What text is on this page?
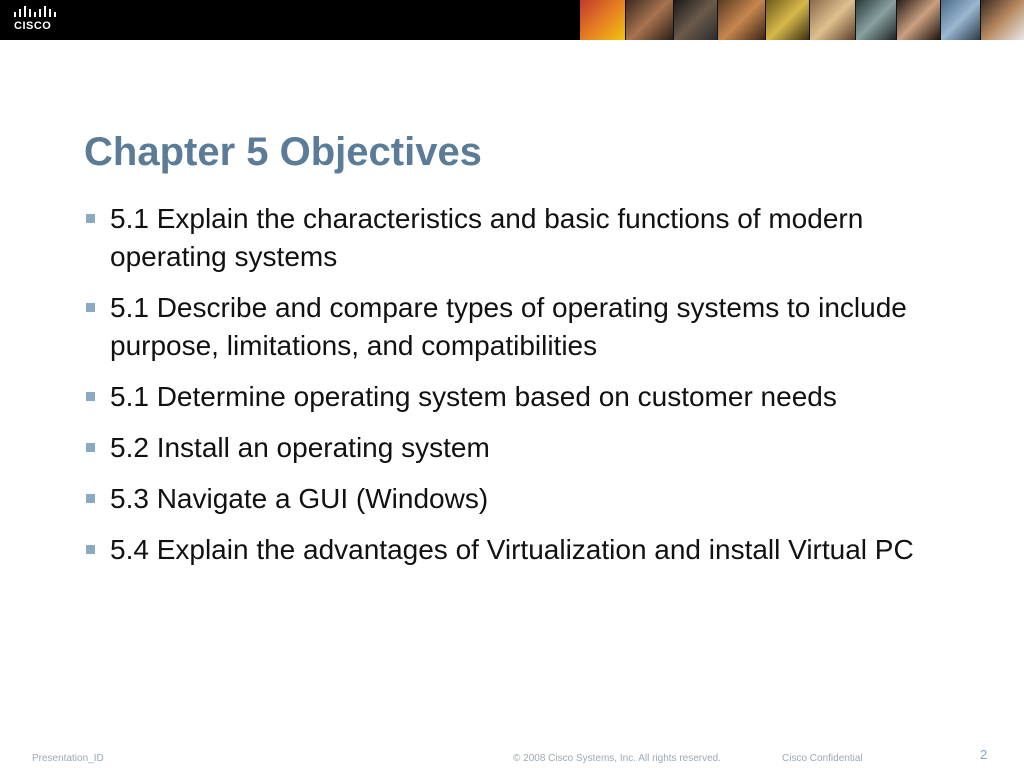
CISCO
Chapter 5 Objectives
5.1 Explain the characteristics and basic functions of modern operating systems
5.1 Describe and compare types of operating systems to include purpose, limitations, and compatibilities
5.1 Determine operating system based on customer needs
5.2 Install an operating system
5.3 Navigate a GUI (Windows)
5.4 Explain the advantages of Virtualization and install Virtual PC
Presentation_ID	© 2008 Cisco Systems, Inc. All rights reserved.	Cisco Confidential	2
